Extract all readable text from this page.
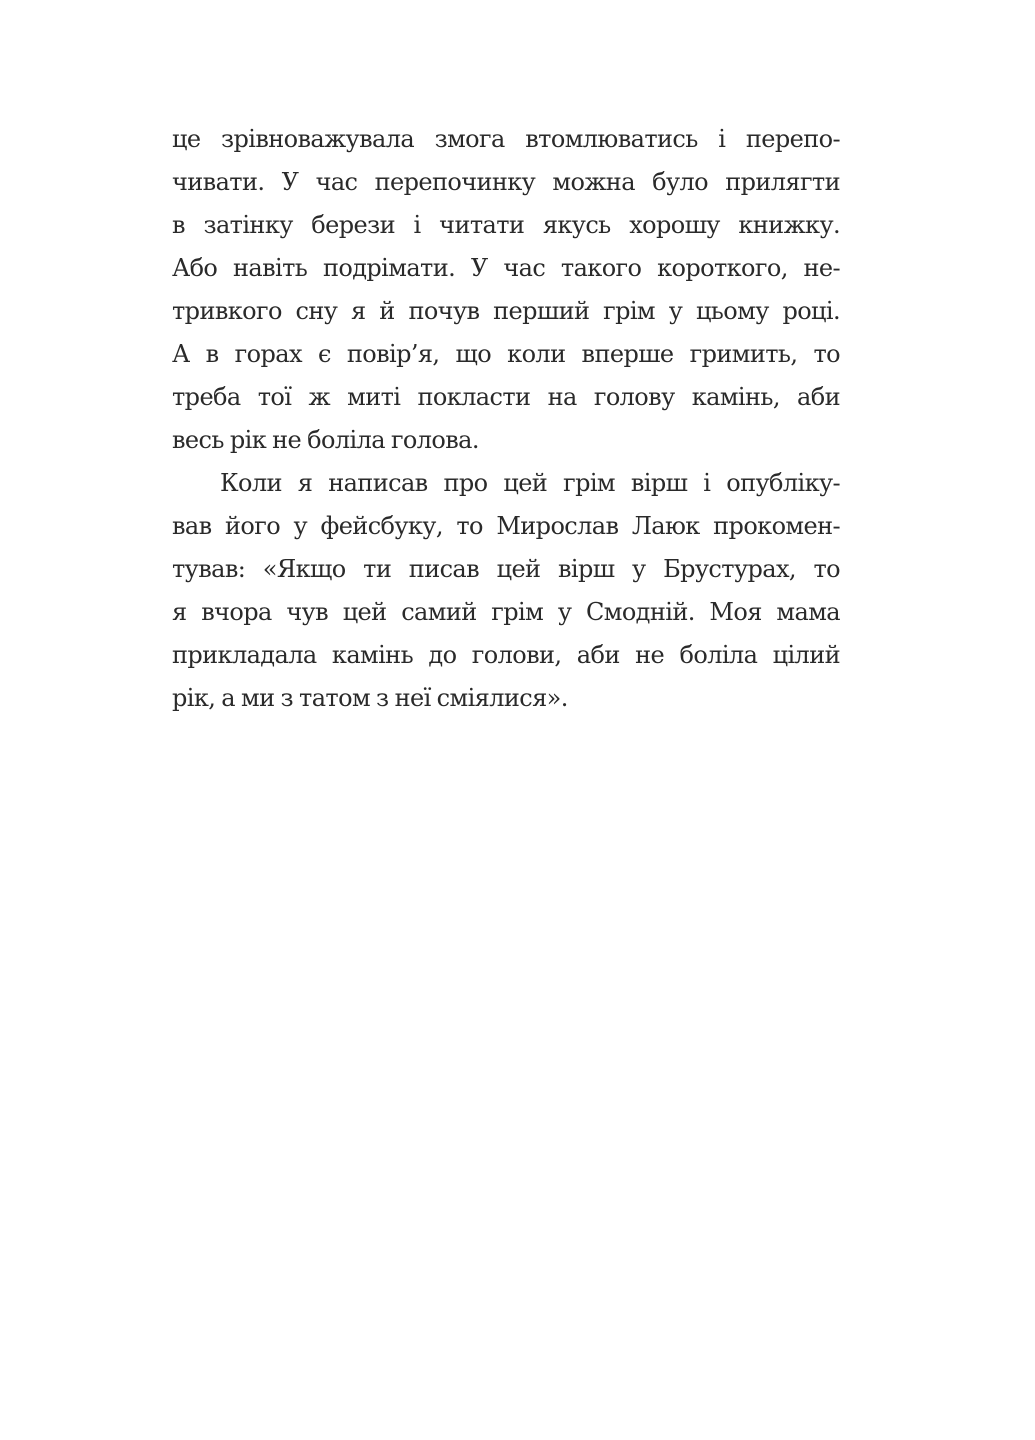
це зрівноважувала змога втомлюватись і перепо-
чивати. У час перепочинку можна було прилягти
в затінку берези і читати якусь хорошу книжку.
Або навіть подрімати. У час такого короткого, не-
тривкого сну я й почув перший грім у цьому році.
А в горах є повір’я, що коли вперше гримить, то
треба тої ж миті покласти на голову камінь, аби
весь рік не боліла голова.
Коли я написав про цей грім вірш і опубліку-
вав його у фейсбуку, то Мирослав Лаюк прокомен-
тував: «Якщо ти писав цей вірш у Брустурах, то
я вчора чув цей самий грім у Смодній. Моя мама
прикладала камінь до голови, аби не боліла цілий
рік, а ми з татом з неї сміялися».
